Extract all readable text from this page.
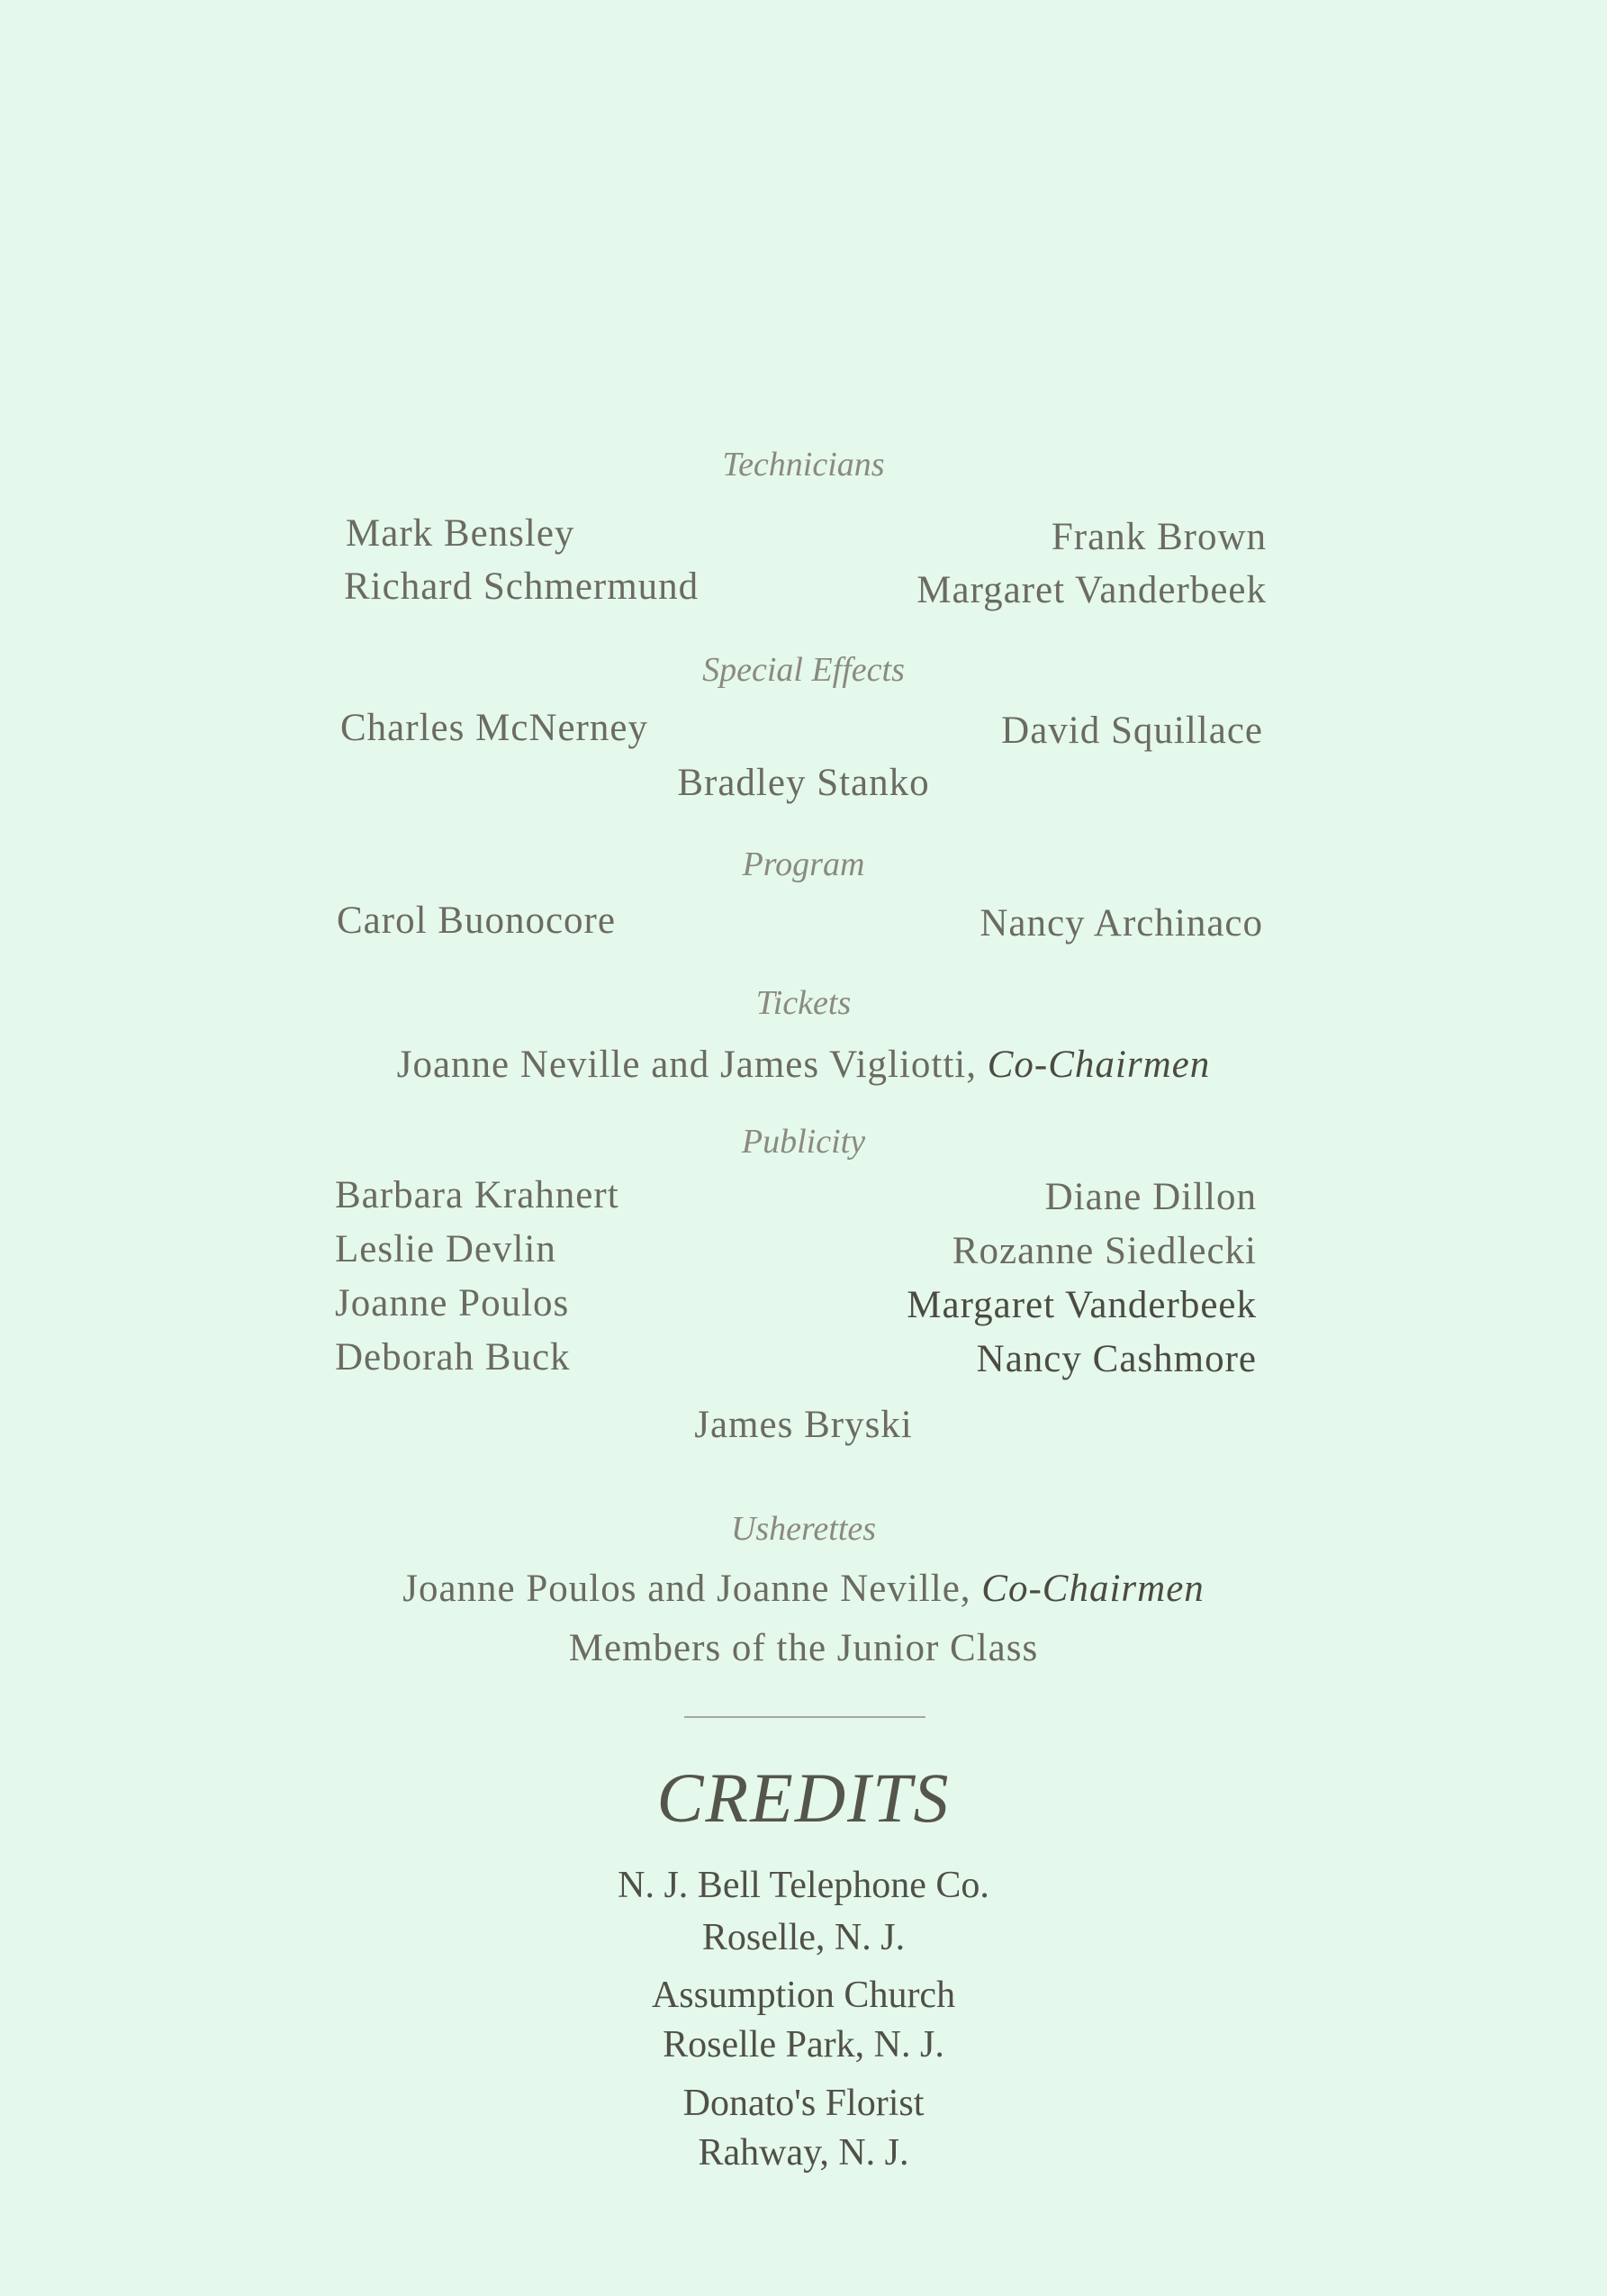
Technicians
Mark Bensley
Richard Schmermund
Frank Brown
Margaret Vanderbeek
Special Effects
Charles McNerney	David Squillace
Bradley Stanko
Program
Carol Buonocore	Nancy Archinaco
Tickets
Joanne Neville and James Vigliotti, Co-Chairmen
Publicity
Barbara Krahnert
Leslie Devlin
Joanne Poulos
Deborah Buck
Diane Dillon
Rozanne Siedlecki
Margaret Vanderbeek
Nancy Cashmore
James Bryski
Usherettes
Joanne Poulos and Joanne Neville, Co-Chairmen
Members of the Junior Class
CREDITS
N. J. Bell Telephone Co.
Roselle, N. J.
Assumption Church
Roselle Park, N. J.
Donato's Florist
Rahway, N. J.
